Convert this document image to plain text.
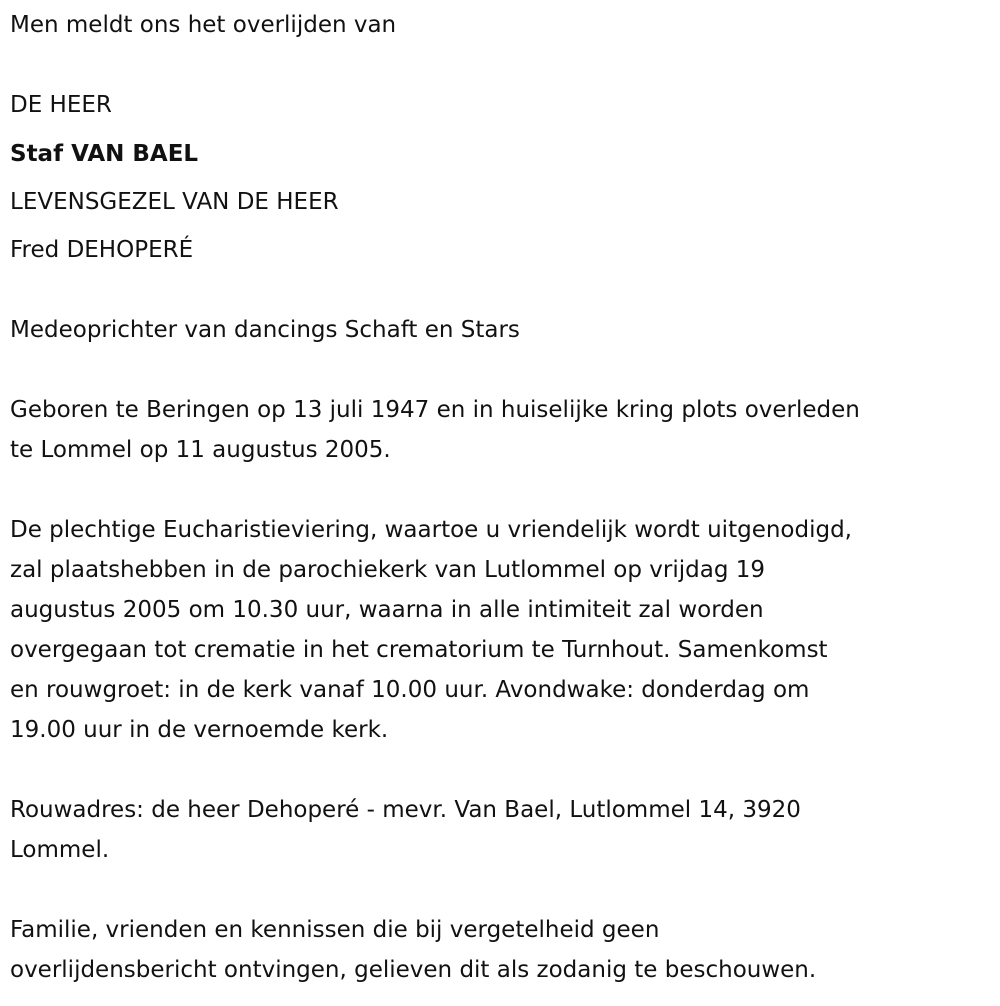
Men meldt ons het overlijden van
DE HEER
Staf VAN BAEL
LEVENSGEZEL VAN DE HEER
Fred DEHOPERÉ
Medeoprichter van dancings Schaft en Stars
Geboren te Beringen op 13 juli 1947 en in huiselijke kring plots overleden
te Lommel op 11 augustus 2005.
De plechtige Eucharistieviering, waartoe u vriendelijk wordt uitgenodigd,
zal plaatshebben in de parochiekerk van Lutlommel op vrijdag 19
augustus 2005 om 10.30 uur, waarna in alle intimiteit zal worden
overgegaan tot crematie in het crematorium te Turnhout. Samenkomst
en rouwgroet: in de kerk vanaf 10.00 uur. Avondwake: donderdag om
19.00 uur in de vernoemde kerk.
Rouwadres: de heer Dehoperé - mevr. Van Bael, Lutlommel 14, 3920
Lommel.
Familie, vrienden en kennissen die bij vergetelheid geen
overlijdensbericht ontvingen, gelieven dit als zodanig te beschouwen.
